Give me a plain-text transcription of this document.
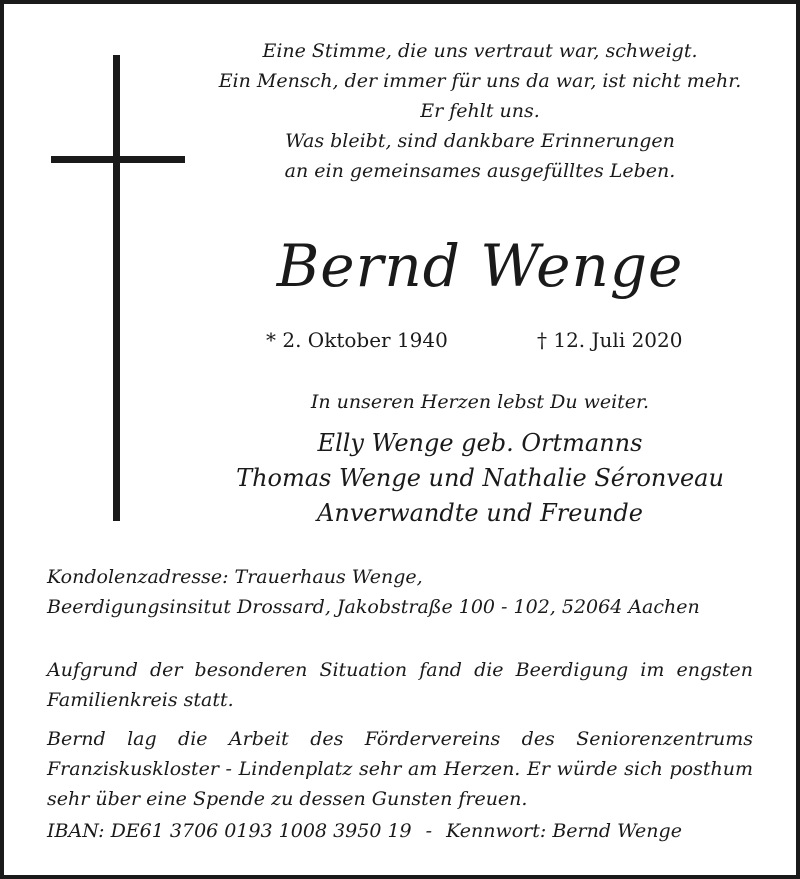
Eine Stimme, die uns vertraut war, schweigt.
Ein Mensch, der immer für uns da war, ist nicht mehr.
Er fehlt uns.
Was bleibt, sind dankbare Erinnerungen
an ein gemeinsames ausgefülltes Leben.
Bernd Wenge
* 2. Oktober 1940	† 12. Juli 2020
In unseren Herzen lebst Du weiter.
Elly Wenge geb. Ortmanns
Thomas Wenge und Nathalie Séronveau
Anverwandte und Freunde
Kondolenzadresse: Trauerhaus Wenge,
Beerdigungsinsitut Drossard, Jakobstraße 100 - 102, 52064 Aachen
Aufgrund der besonderen Situation fand die Beerdigung im engsten Familienkreis statt.
Bernd lag die Arbeit des Fördervereins des Seniorenzentrums Franziskuskloster - Lindenplatz sehr am Herzen. Er würde sich posthum sehr über eine Spende zu dessen Gunsten freuen.
IBAN: DE61 3706 0193 1008 3950 19 - Kennwort: Bernd Wenge
